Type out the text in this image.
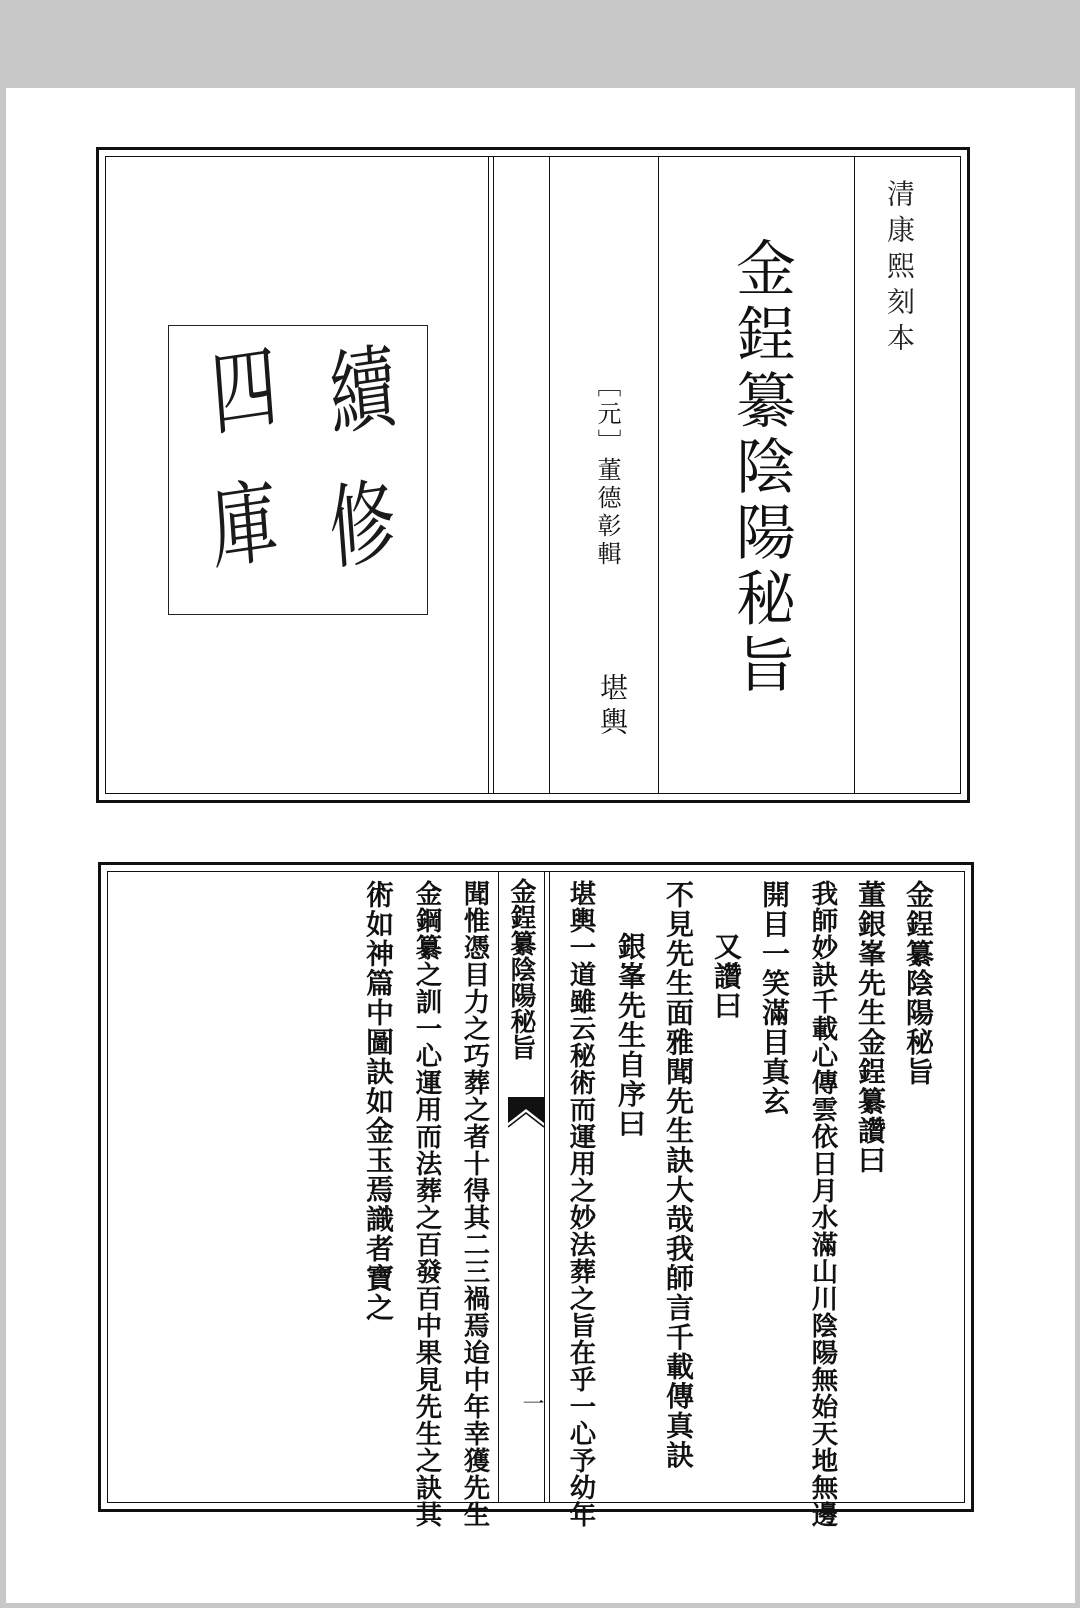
清康熙刻本
金鋥纂陰陽秘旨
［元］董德彰輯
堪輿
續
修
四
庫
金鋥纂陰陽秘旨
一
金鋥纂陰陽秘旨
董銀峯先生金鋥纂讚曰
我師妙訣千載心傳雲依日月水滿山川陰陽無始天地無邊
開目一笑滿目真玄
又讚曰
不見先生面雅聞先生訣大哉我師言千載傳真訣
銀峯先生自序曰
堪輿一道雖云秘術而運用之妙法葬之旨在乎一心予幼年
聞惟憑目力之巧葬之者十得其二三禍焉迨中年幸獲先生
金鋼纂之訓一心運用而法葬之百發百中果見先生之訣其
術如神篇中圖訣如金玉焉識者寶之
